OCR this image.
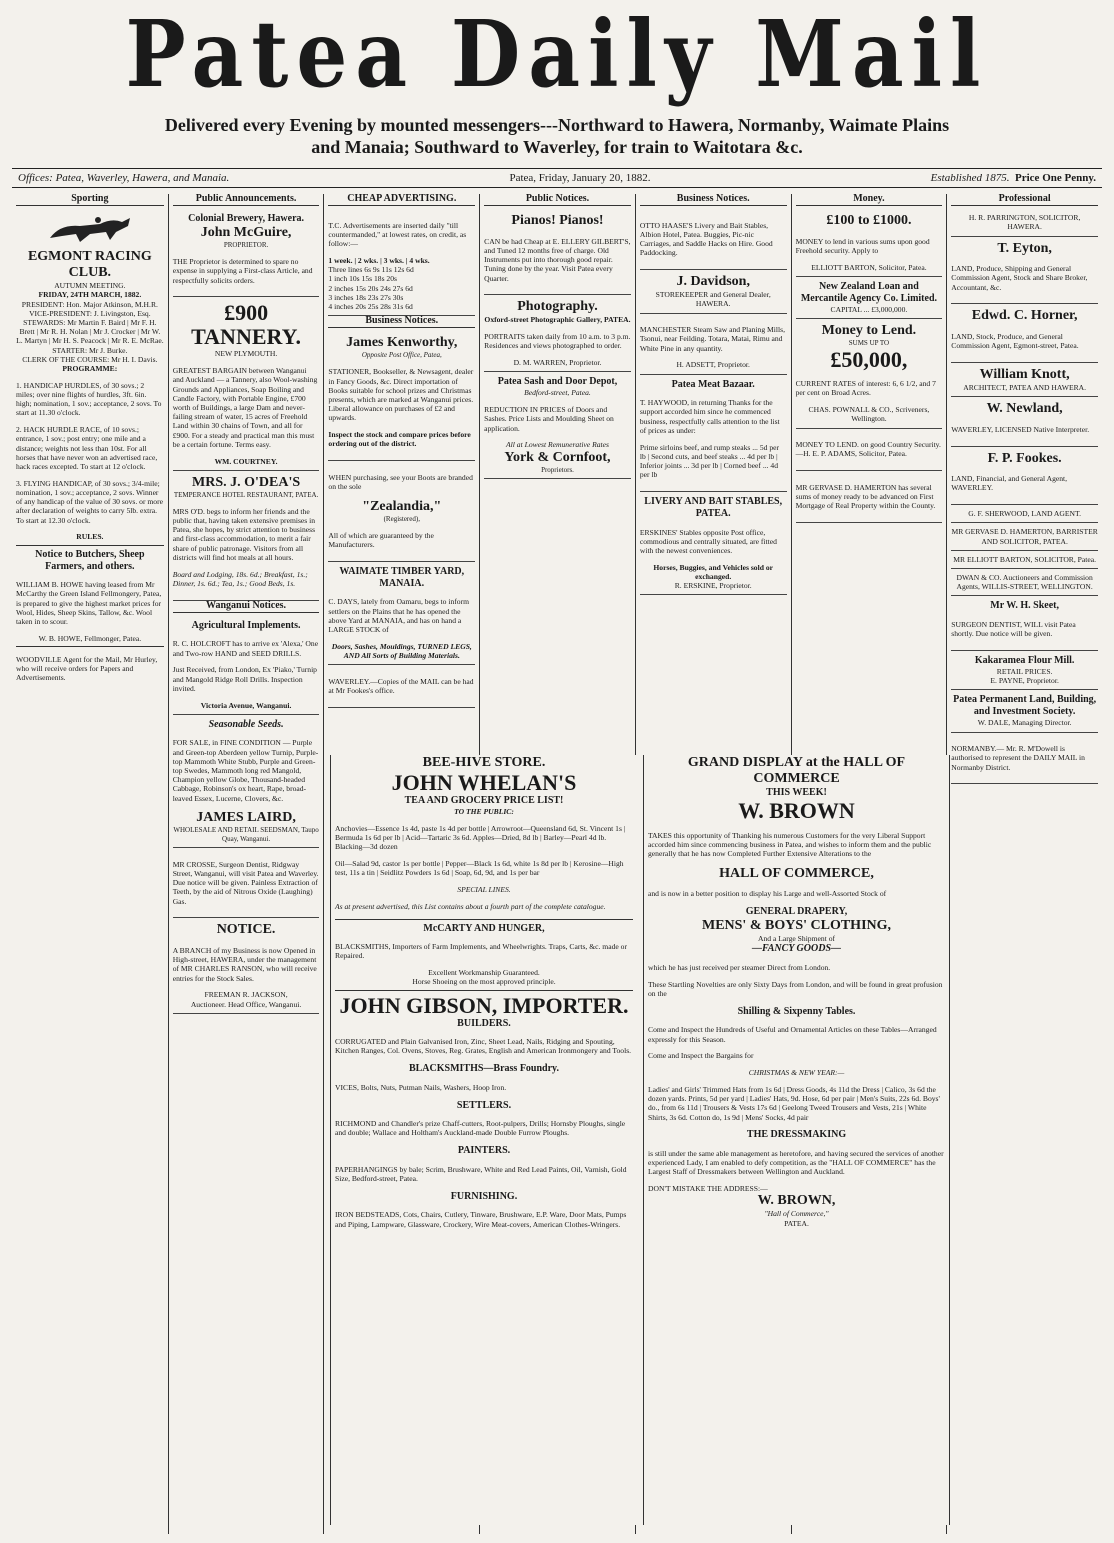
Patea Daily Mail
Delivered every Evening by mounted messengers---Northward to Hawera, Normanby, Waimate Plains
and Manaia; Southward to Waverley, for train to Waitotara &c.
Offices: Patea, Waverley, Hawera, and Manaia.	Patea, Friday, January 20, 1882.	Established 1875. Price One Penny.
Sporting
EGMONT RACING CLUB.
AUTUMN MEETING.
FRIDAY, 24TH MARCH, 1882.
PRESIDENT: Hon. Major Atkinson, M.H.R.
VICE-PRESIDENT: J. Livingston, Esq.
STEWARDS: Mr Martin F. Baird | Mr F. H. Brett | Mr R. H. Nolan | Mr J. Crocker | Mr W. L. Martyn | Mr H. S. Peacock | Mr R. E. McRae.
STARTER: Mr J. Burke.
CLERK OF THE COURSE: Mr H. I. Davis.
PROGRAMME:

1. HANDICAP HURDLES, of 30 sovs.; 2 miles; over nine flights of hurdles, 3ft. 6in. high; nomination, 1 sov.; acceptance, 2 sovs. To start at 11.30 o'clock.

2. HACK HURDLE RACE, of 10 sovs.; entrance, 1 sov.; post entry; one mile and a distance; weights not less than 10st. For all horses that have never won an advertised race, hack races excepted. To start at 12 o'clock.

3. FLYING HANDICAP, of 30 sovs.; 3/4-mile; nomination, 1 sov.; acceptance, 2 sovs. Winner of any handicap of the value of 30 sovs. or more after declaration of weights to carry 5lb. extra. To start at 12.30 o'clock.

RULES.
Notice to Butchers, Sheep Farmers, and others.

WILLIAM B. HOWE having leased from Mr McCarthy the Green Island Fellmongery, Patea, is prepared to give the highest market prices for Wool, Hides, Sheep Skins, Tallow, &c. Wool taken in to scour.

W. B. HOWE, Fellmonger, Patea.

WOODVILLE Agent for the Mail, Mr Hurley, who will receive orders for Papers and Advertisements.

Public Announcements.
Colonial Brewery, Hawera.
John McGuire,
PROPRIETOR.

THE Proprietor is determined to spare no expense in supplying a First-class Article, and respectfully solicits orders.

£900 TANNERY.
NEW PLYMOUTH.

GREATEST BARGAIN between Wanganui and Auckland — a Tannery, also Wool-washing Grounds and Appliances, Soap Boiling and Candle Factory, with Portable Engine, £700 worth of Buildings, a large Dam and never-failing stream of water, 15 acres of Freehold Land within 30 chains of Town, and all for £900. For a steady and practical man this must be a certain fortune. Terms easy.

WM. COURTNEY.
MRS. J. O'DEA'S
TEMPERANCE HOTEL RESTAURANT, PATEA.

MRS O'D. begs to inform her friends and the public that, having taken extensive premises in Patea, she hopes, by strict attention to business and first-class accommodation, to merit a fair share of public patronage. Visitors from all districts will find hot meals at all hours.

Board and Lodging, 18s. 6d.; Breakfast, 1s.; Dinner, 1s. 6d.; Tea, 1s.; Good Beds, 1s.

Wanganui Notices.
Agricultural Implements.

R. C. HOLCROFT has to arrive ex 'Alexa,' One and Two-row HAND and SEED DRILLS.

Just Received, from London, Ex 'Piako,' Turnip and Mangold Ridge Roll Drills. Inspection invited.

Victoria Avenue, Wanganui.
Seasonable Seeds.

FOR SALE, in FINE CONDITION — Purple and Green-top Aberdeen yellow Turnip, Purple-top Mammoth White Stubb, Purple and Green-top Swedes, Mammoth long red Mangold, Champion yellow Globe, Thousand-headed Cabbage, Robinson's ox heart, Rape, broad-leaved Essex, Lucerne, Clovers, &c.

JAMES LAIRD,
WHOLESALE AND RETAIL SEEDSMAN, Taupo Quay, Wanganui.

MR CROSSE, Surgeon Dentist, Ridgway Street, Wanganui, will visit Patea and Waverley. Due notice will be given. Painless Extraction of Teeth, by the aid of Nitrous Oxide (Laughing) Gas.

NOTICE.

A BRANCH of my Business is now Opened in High-street, HAWERA, under the management of MR CHARLES RANSON, who will receive entries for the Stock Sales.

FREEMAN R. JACKSON,
Auctioneer. Head Office, Wanganui.
CHEAP ADVERTISING.

T.C. Advertisements are inserted daily "till countermanded," at lowest rates, on credit, as follow:—

1 week. | 2 wks. | 3 wks. | 4 wks.
Three lines 6s 9s 11s 12s 6d
1 inch 10s 15s 18s 20s
2 inches 15s 20s 24s 27s 6d
3 inches 18s 23s 27s 30s
4 inches 20s 25s 28s 31s 6d
Business Notices.
James Kenworthy,
Opposite Post Office, Patea,

STATIONER, Bookseller, & Newsagent, dealer in Fancy Goods, &c. Direct importation of Books suitable for school prizes and Christmas presents, which are marked at Wanganui prices. Liberal allowance on purchases of £2 and upwards.

Inspect the stock and compare prices before ordering out of the district.

WHEN purchasing, see your Boots are branded on the sole

"Zealandia,"
(Registered),

All of which are guaranteed by the Manufacturers.

WAIMATE TIMBER YARD, MANAIA.

C. DAYS, lately from Oamaru, begs to inform settlers on the Plains that he has opened the above Yard at MANAIA, and has on hand a LARGE STOCK of

Doors, Sashes, Mouldings, TURNED LEGS, AND All Sorts of Building Materials.

WAVERLEY.—Copies of the MAIL can be had at Mr Fookes's office.

Public Notices.
Pianos! Pianos!

CAN be had Cheap at E. ELLERY GILBERT'S, and Tuned 12 months free of charge. Old Instruments put into thorough good repair. Tuning done by the year. Visit Patea every Quarter.

Photography.
Oxford-street Photographic Gallery, PATEA.

PORTRAITS taken daily from 10 a.m. to 3 p.m. Residences and views photographed to order.

D. M. WARREN, Proprietor.
Patea Sash and Door Depot,
Bedford-street, Patea.

REDUCTION IN PRICES of Doors and Sashes. Price Lists and Moulding Sheet on application.

All at Lowest Remunerative Rates
York & Cornfoot,
Proprietors.
Business Notices.

OTTO HAASE'S Livery and Bait Stables, Albion Hotel, Patea. Buggies, Pic-nic Carriages, and Saddle Hacks on Hire. Good Paddocking.

J. Davidson,
STOREKEEPER and General Dealer, HAWERA.

MANCHESTER Steam Saw and Planing Mills, Tsonui, near Feilding. Totara, Matai, Rimu and White Pine in any quantity.

H. ADSETT, Proprietor.
Patea Meat Bazaar.

T. HAYWOOD, in returning Thanks for the support accorded him since he commenced business, respectfully calls attention to the list of prices as under:

Prime sirloins beef, and rump steaks ... 5d per lb | Second cuts, and beef steaks ... 4d per lb | Inferior joints ... 3d per lb | Corned beef ... 4d per lb

LIVERY AND BAIT STABLES, PATEA.

ERSKINES' Stables opposite Post office, commodious and centrally situated, are fitted with the newest conveniences.

Horses, Buggies, and Vehicles sold or exchanged.
R. ERSKINE, Proprietor.
Money.
£100 to £1000.

MONEY to lend in various sums upon good Freehold security. Apply to

ELLIOTT BARTON, Solicitor, Patea.
New Zealand Loan and Mercantile Agency Co. Limited.
CAPITAL ... £3,000,000.
Money to Lend.
SUMS UP TO
£50,000,

CURRENT RATES of interest: 6, 6 1/2, and 7 per cent on Broad Acres.

CHAS. POWNALL & CO., Scriveners, Wellington.

MONEY TO LEND. on good Country Security.—H. E. P. ADAMS, Solicitor, Patea.

MR GERVASE D. HAMERTON has several sums of money ready to be advanced on First Mortgage of Real Property within the County.

Professional
H. R. PARRINGTON, SOLICITOR, HAWERA.
T. Eyton,

LAND, Produce, Shipping and General Commission Agent, Stock and Share Broker, Accountant, &c.

Edwd. C. Horner,

LAND, Stock, Produce, and General Commission Agent, Egmont-street, Patea.

William Knott,
ARCHITECT, PATEA AND HAWERA.
W. Newland,

WAVERLEY, LICENSED Native Interpreter.

F. P. Fookes.

LAND, Financial, and General Agent, WAVERLEY.

G. F. SHERWOOD, LAND AGENT.
MR GERVASE D. HAMERTON, BARRISTER AND SOLICITOR, PATEA.
MR ELLIOTT BARTON, SOLICITOR, Patea.
DWAN & CO. Auctioneers and Commission Agents, WILLIS-STREET, WELLINGTON.
Mr W. H. Skeet,

SURGEON DENTIST, WILL visit Patea shortly. Due notice will be given.

Kakaramea Flour Mill.
RETAIL PRICES.
E. PAYNE, Proprietor.
Patea Permanent Land, Building, and Investment Society.
W. DALE, Managing Director.

NORMANBY.— Mr. R. M'Dowell is authorised to represent the DAILY MAIL in Normanby District.

BEE-HIVE STORE.
JOHN WHELAN'S
TEA AND GROCERY PRICE LIST!
TO THE PUBLIC:

Anchovies—Essence 1s 4d, paste 1s 4d per bottle | Arrowroot—Queensland 6d, St. Vincent 1s | Bermuda 1s 6d per lb | Acid—Tartaric 3s 6d. Apples—Dried, 8d lb | Barley—Pearl 4d lb. Blacking—3d dozen

Oil—Salad 9d, castor 1s per bottle | Pepper—Black 1s 6d, white 1s 8d per lb | Kerosine—High test, 11s a tin | Seidlitz Powders 1s 6d | Soap, 6d, 9d, and 1s per bar

SPECIAL LINES.

As at present advertised, this List contains about a fourth part of the complete catalogue.

McCARTY AND HUNGER,

BLACKSMITHS, Importers of Farm Implements, and Wheelwrights. Traps, Carts, &c. made or Repaired.

Excellent Workmanship Guaranteed.
Horse Shoeing on the most approved principle.
JOHN GIBSON, IMPORTER.
BUILDERS.

CORRUGATED and Plain Galvanised Iron, Zinc, Sheet Lead, Nails, Ridging and Spouting, Kitchen Ranges, Col. Ovens, Stoves, Reg. Grates, English and American Ironmongery and Tools.

BLACKSMITHS—Brass Foundry.

VICES, Bolts, Nuts, Putman Nails, Washers, Hoop Iron.

SETTLERS.

RICHMOND and Chandler's prize Chaff-cutters, Root-pulpers, Drills; Hornsby Ploughs, single and double; Wallace and Holtham's Auckland-made Double Furrow Ploughs.

PAINTERS.

PAPERHANGINGS by bale; Scrim, Brushware, White and Red Lead Paints, Oil, Varnish, Gold Size, Bedford-street, Patea.

FURNISHING.

IRON BEDSTEADS, Cots, Chairs, Cutlery, Tinware, Brushware, E.P. Ware, Door Mats, Pumps and Piping, Lampware, Glassware, Crockery, Wire Meat-covers, American Clothes-Wringers.

GRAND DISPLAY at the HALL OF COMMERCE
THIS WEEK!
W. BROWN

TAKES this opportunity of Thanking his numerous Customers for the very Liberal Support accorded him since commencing business in Patea, and wishes to inform them and the public generally that he has now Completed Further Extensive Alterations to the

HALL OF COMMERCE,

and is now in a better position to display his Large and well-Assorted Stock of

GENERAL DRAPERY,
MENS' & BOYS' CLOTHING,
And a Large Shipment of
—FANCY GOODS—

which he has just received per steamer Direct from London.

These Startling Novelties are only Sixty Days from London, and will be found in great profusion on the

Shilling & Sixpenny Tables.

Come and Inspect the Hundreds of Useful and Ornamental Articles on these Tables—Arranged expressly for this Season.

Come and Inspect the Bargains for

CHRISTMAS & NEW YEAR:—

Ladies' and Girls' Trimmed Hats from 1s 6d | Dress Goods, 4s 11d the Dress | Calico, 3s 6d the dozen yards. Prints, 5d per yard | Ladies' Hats, 9d. Hose, 6d per pair | Men's Suits, 22s 6d. Boys' do., from 6s 11d | Trousers & Vests 17s 6d | Geelong Tweed Trousers and Vests, 21s | White Shirts, 3s 6d. Cotton do, 1s 9d | Mens' Socks, 4d pair

THE DRESSMAKING

is still under the same able management as heretofore, and having secured the services of another experienced Lady, I am enabled to defy competition, as the "HALL OF COMMERCE" has the Largest Staff of Dressmakers between Wellington and Auckland.

DON'T MISTAKE THE ADDRESS:—
W. BROWN,
"Hall of Commerce,"
PATEA.
